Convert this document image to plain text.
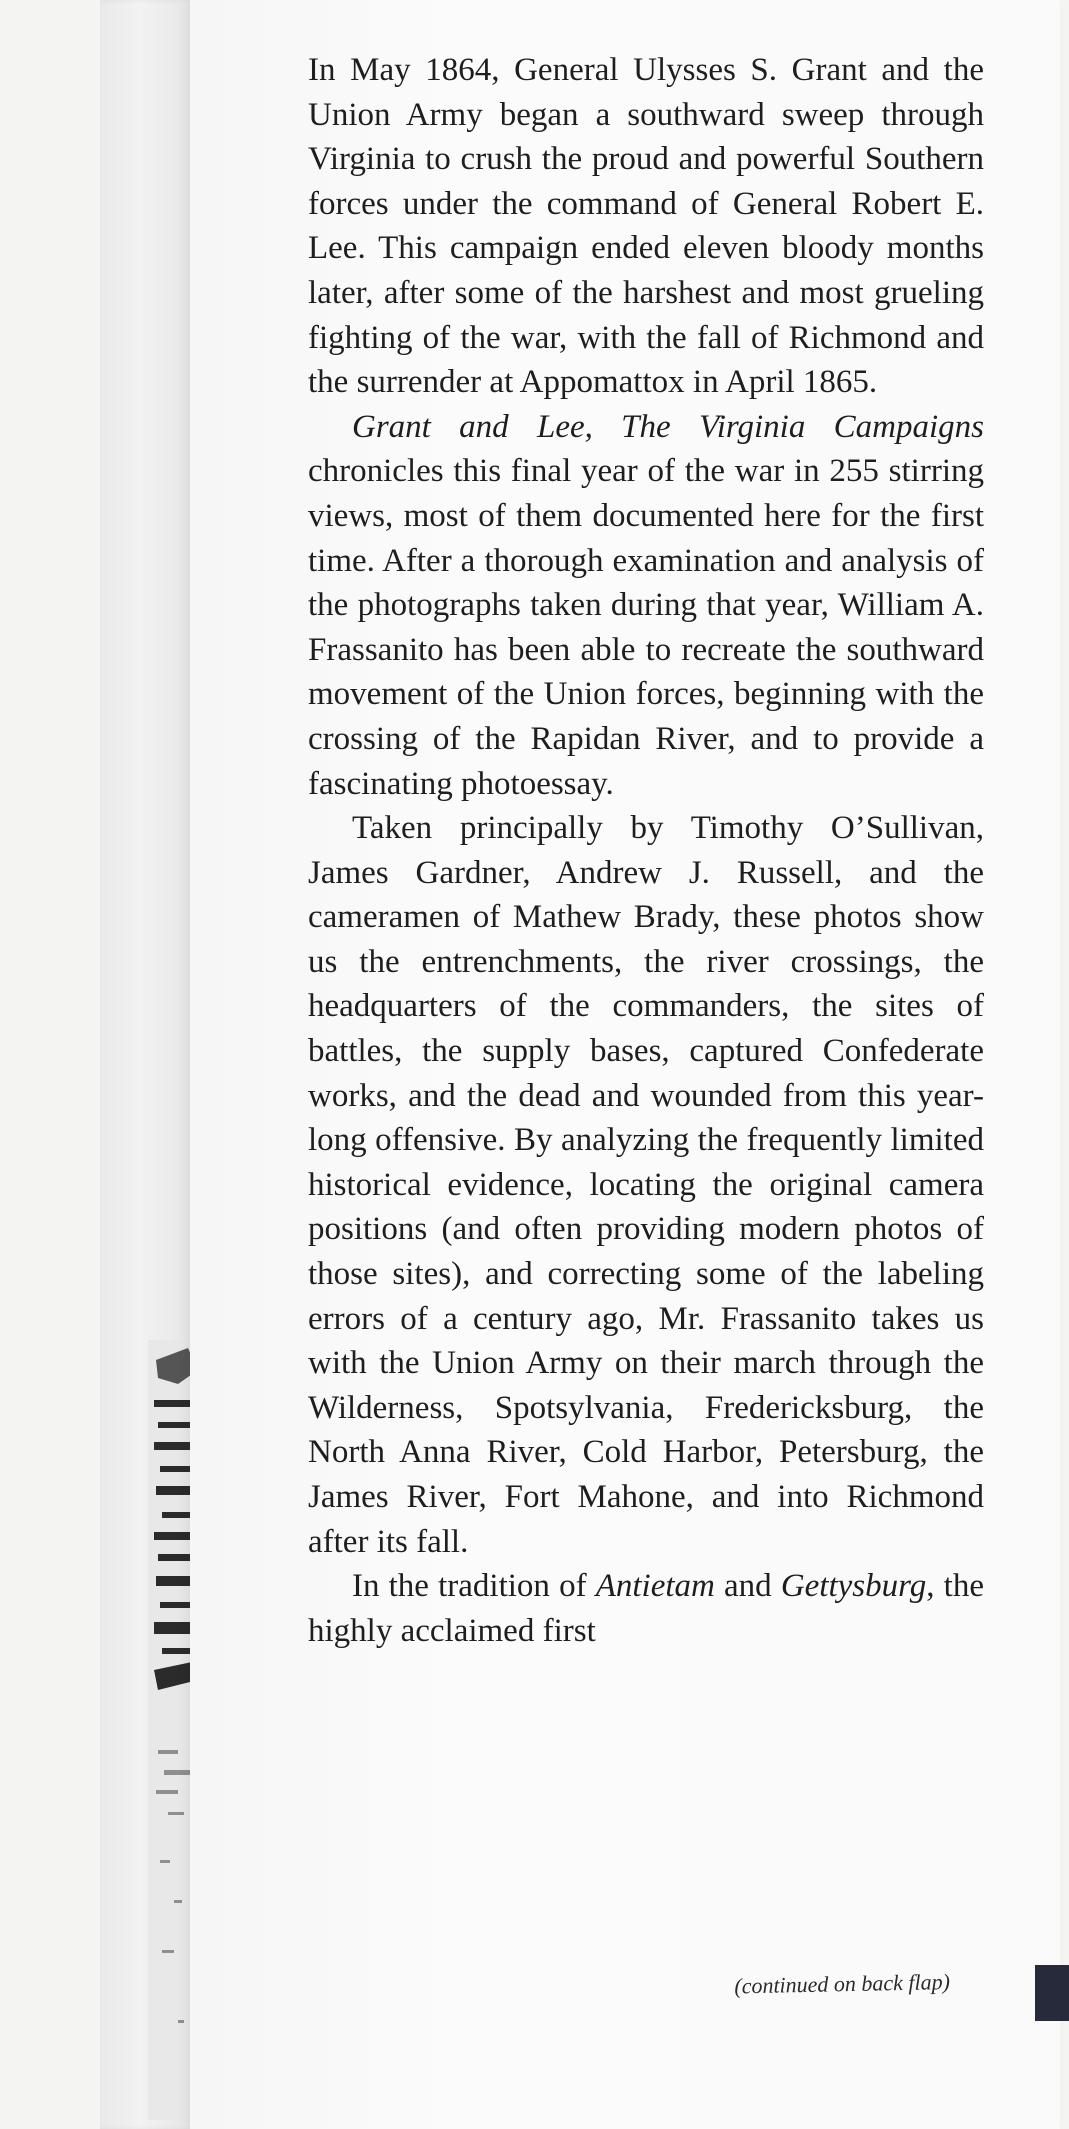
In May 1864, General Ulysses S. Grant and the Union Army began a southward sweep through Virginia to crush the proud and powerful Southern forces under the command of General Robert E. Lee. This campaign ended eleven bloody months later, after some of the harshest and most grueling fighting of the war, with the fall of Richmond and the surrender at Appomattox in April 1865.

Grant and Lee, The Virginia Campaigns chronicles this final year of the war in 255 stirring views, most of them documented here for the first time. After a thorough examination and analysis of the photographs taken during that year, William A. Frassanito has been able to recreate the southward movement of the Union forces, beginning with the crossing of the Rapidan River, and to provide a fascinating photoessay.

Taken principally by Timothy O’Sullivan, James Gardner, Andrew J. Russell, and the cameramen of Mathew Brady, these photos show us the entrenchments, the river crossings, the headquarters of the commanders, the sites of battles, the supply bases, captured Confederate works, and the dead and wounded from this year-long offensive. By analyzing the frequently limited historical evidence, locating the original camera positions (and often providing modern photos of those sites), and correcting some of the labeling errors of a century ago, Mr. Frassanito takes us with the Union Army on their march through the Wilderness, Spotsylvania, Fredericksburg, the North Anna River, Cold Harbor, Petersburg, the James River, Fort Mahone, and into Richmond after its fall.

In the tradition of Antietam and Gettysburg, the highly acclaimed first

(continued on back flap)
